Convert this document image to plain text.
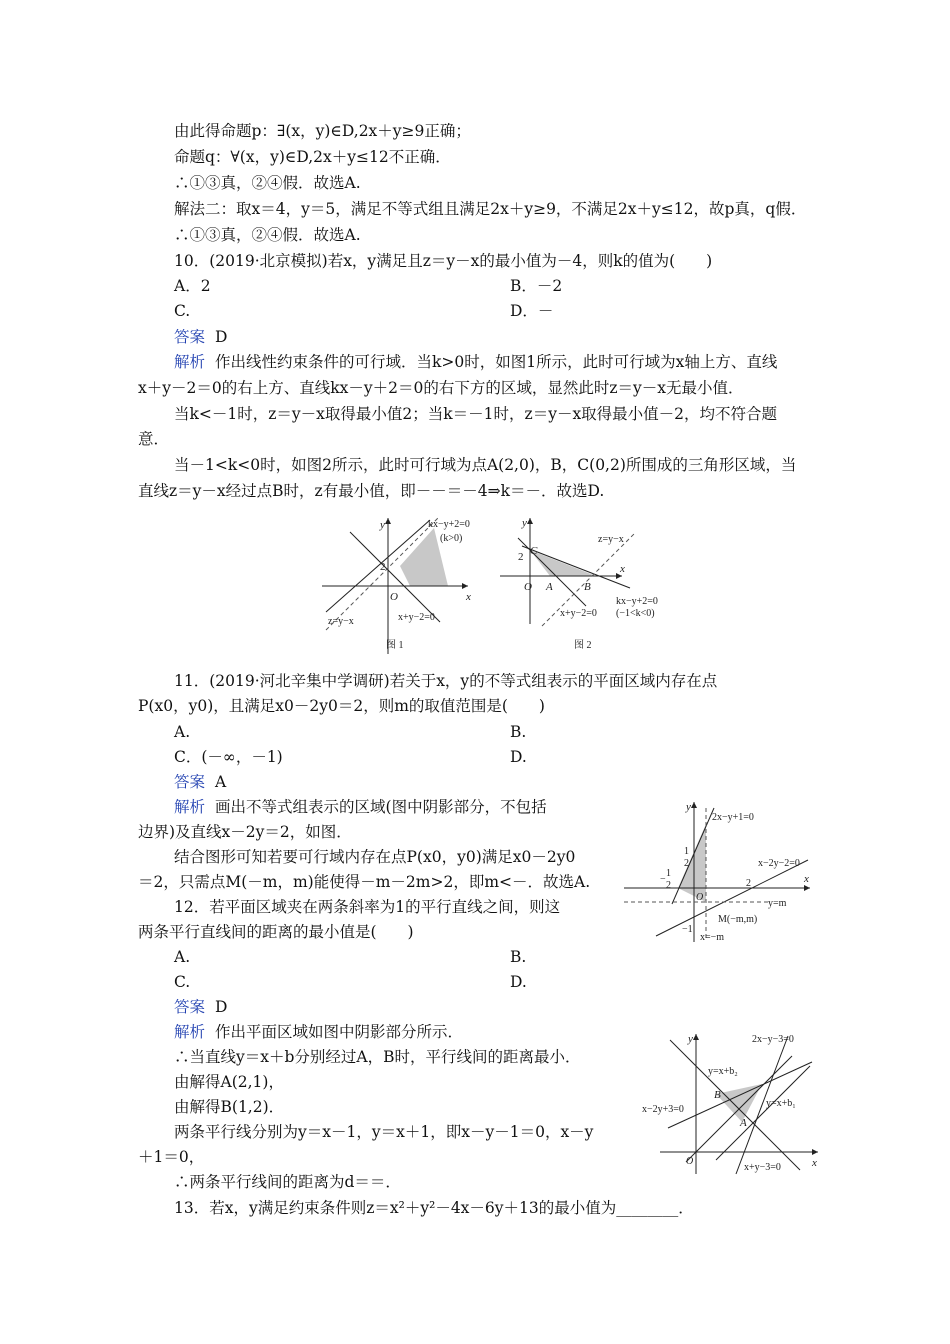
由此得命题p：∃(x，y)∈D,2x＋y≥9正确；
命题q：∀(x，y)∈D,2x＋y≤12不正确．
∴①③真，②④假．故选A.
解法二：取x＝4，y＝5，满足不等式组且满足2x＋y≥9，不满足2x＋y≤12，故p真，q假．
∴①③真，②④假．故选A.
10．(2019·北京模拟)若x，y满足且z＝y－x的最小值为－4，则k的值为(　　)
A．2	B．－2
C.	D．－
答案 D
解析 作出线性约束条件的可行域．当k>0时，如图1所示，此时可行域为x轴上方、直线
x＋y－2＝0的右上方、直线kx－y＋2＝0的右下方的区域，显然此时z＝y－x无最小值．
当k<－1时，z＝y－x取得最小值2；当k＝－1时，z＝y－x取得最小值－2，均不符合题
意．
当－1<k<0时，如图2所示，此时可行域为点A(2,0)，B，C(0,2)所围成的三角形区域，当
直线z＝y－x经过点B时，z有最小值，即－－＝－4⇒k＝－．故选D.
y
x
O
2
kx−y+2=0
(k>0)
x+y−2=0
z=y−x
图 1
y
x
O
2 C
A	B
z=y−x
x+y−2=0
kx−y+2=0
(−1<k<0)
图 2
11．(2019·河北辛集中学调研)若关于x，y的不等式组表示的平面区域内存在点
P(x0，y0)，且满足x0－2y0＝2，则m的取值范围是(　　)
A.	B.
C．(－∞，－1)	D.
答案 A
解析 画出不等式组表示的区域(图中阴影部分，不包括
边界)及直线x－2y＝2，如图．
结合图形可知若要可行域内存在点P(x0，y0)满足x0－2y0
＝2，只需点M(－m，m)能使得－m－2m>2，即m<－．故选A.
y
x
O
2x−y+1=0
x−2y−2=0
1
2
−
1
2	2
−1
y=m
M(−m,m)
x=−m
12．若平面区域夹在两条斜率为1的平行直线之间，则这
两条平行直线间的距离的最小值是(　　)
A.	B.
C.	D.
答案 D
解析 作出平面区域如图中阴影部分所示．
∴当直线y＝x＋b分别经过A，B时，平行线间的距离最小．
由解得A(2,1)，
由解得B(1,2)．
两条平行线分别为y＝x－1，y＝x＋1，即x－y－1＝0，x－y
＋1＝0，
∴两条平行线间的距离为d＝＝．
y
x
O
2x−y−3=0
y=x+b₂
y=x+b₁
x−2y+3=0
x+y−3=0
A
B
13．若x，y满足约束条件则z＝x²＋y²－4x－6y＋13的最小值为________．
